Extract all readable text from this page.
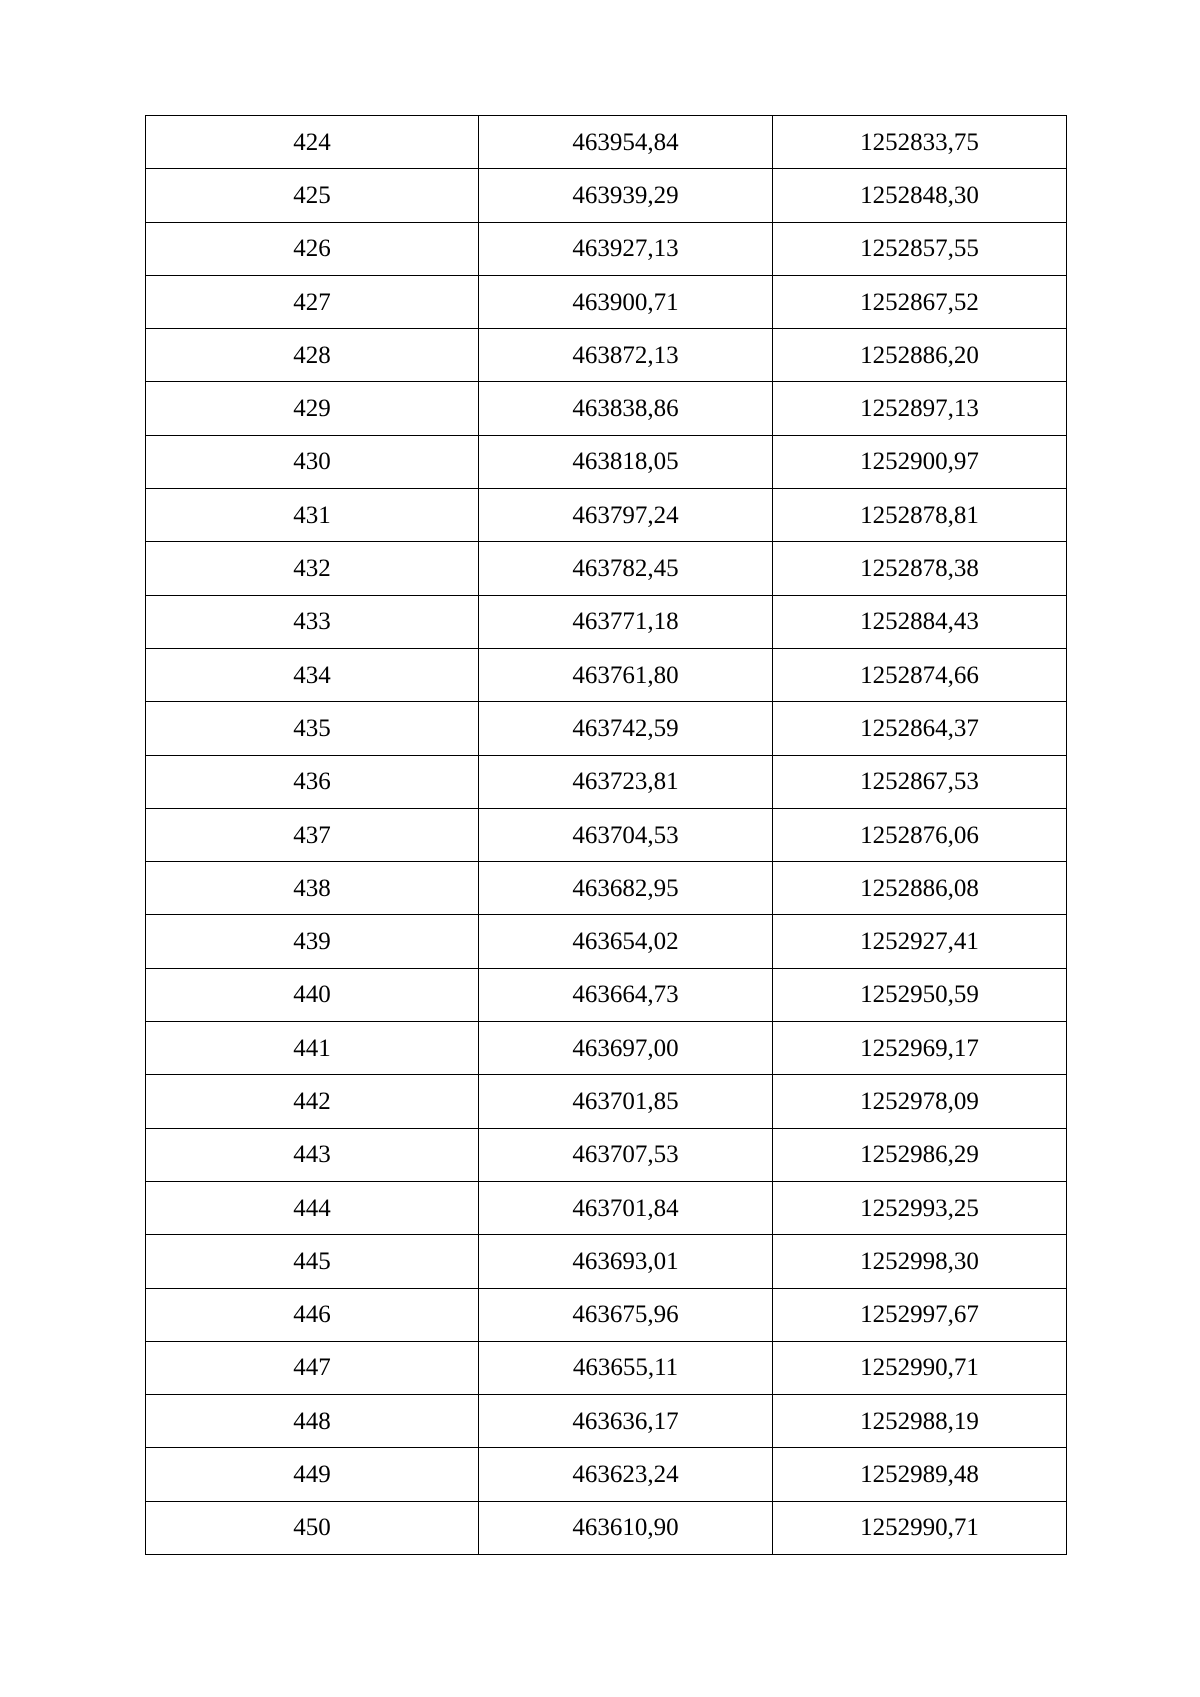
424	463954,84	1252833,75
425	463939,29	1252848,30
426	463927,13	1252857,55
427	463900,71	1252867,52
428	463872,13	1252886,20
429	463838,86	1252897,13
430	463818,05	1252900,97
431	463797,24	1252878,81
432	463782,45	1252878,38
433	463771,18	1252884,43
434	463761,80	1252874,66
435	463742,59	1252864,37
436	463723,81	1252867,53
437	463704,53	1252876,06
438	463682,95	1252886,08
439	463654,02	1252927,41
440	463664,73	1252950,59
441	463697,00	1252969,17
442	463701,85	1252978,09
443	463707,53	1252986,29
444	463701,84	1252993,25
445	463693,01	1252998,30
446	463675,96	1252997,67
447	463655,11	1252990,71
448	463636,17	1252988,19
449	463623,24	1252989,48
450	463610,90	1252990,71
